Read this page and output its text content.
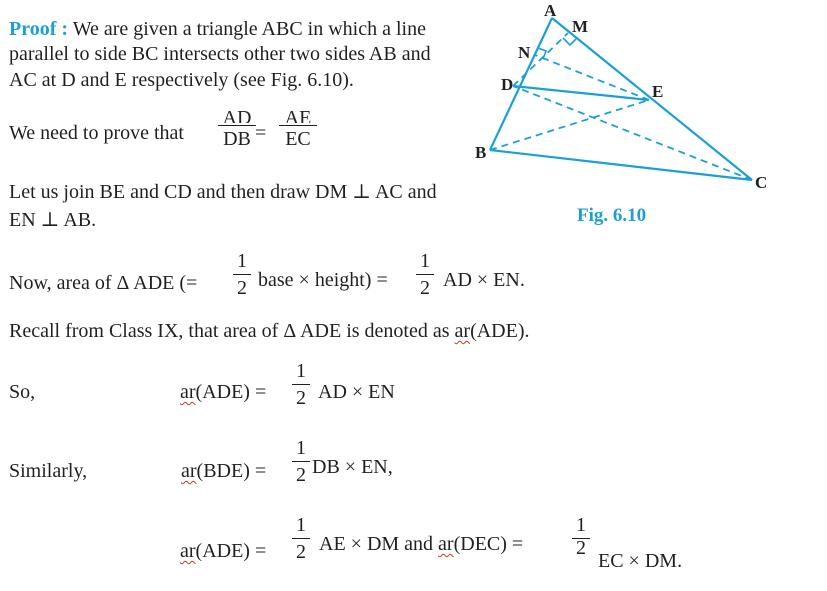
Proof : We are given a triangle ABC in which a line
parallel to side BC intersects other two sides AB and
AC at D and E respectively (see Fig. 6.10).
We need to prove that
AD
DB =
AE
EC
Let us join BE and CD and then draw DM ⊥ AC and
EN ⊥ AB.
Now, area of Δ ADE (=
1
2 base × height) =
1
2 AD × EN.
Recall from Class IX, that area of Δ ADE is denoted as ar(ADE).
So,	ar(ADE) =
1
2 AD × EN
Similarly,	ar(BDE) =
1
2 DB × EN,
ar(ADE) =
1
2 AE × DM and ar(DEC) =
1
2
EC × DM.
A
M
N
D	E
B
C
Fig. 6.10
